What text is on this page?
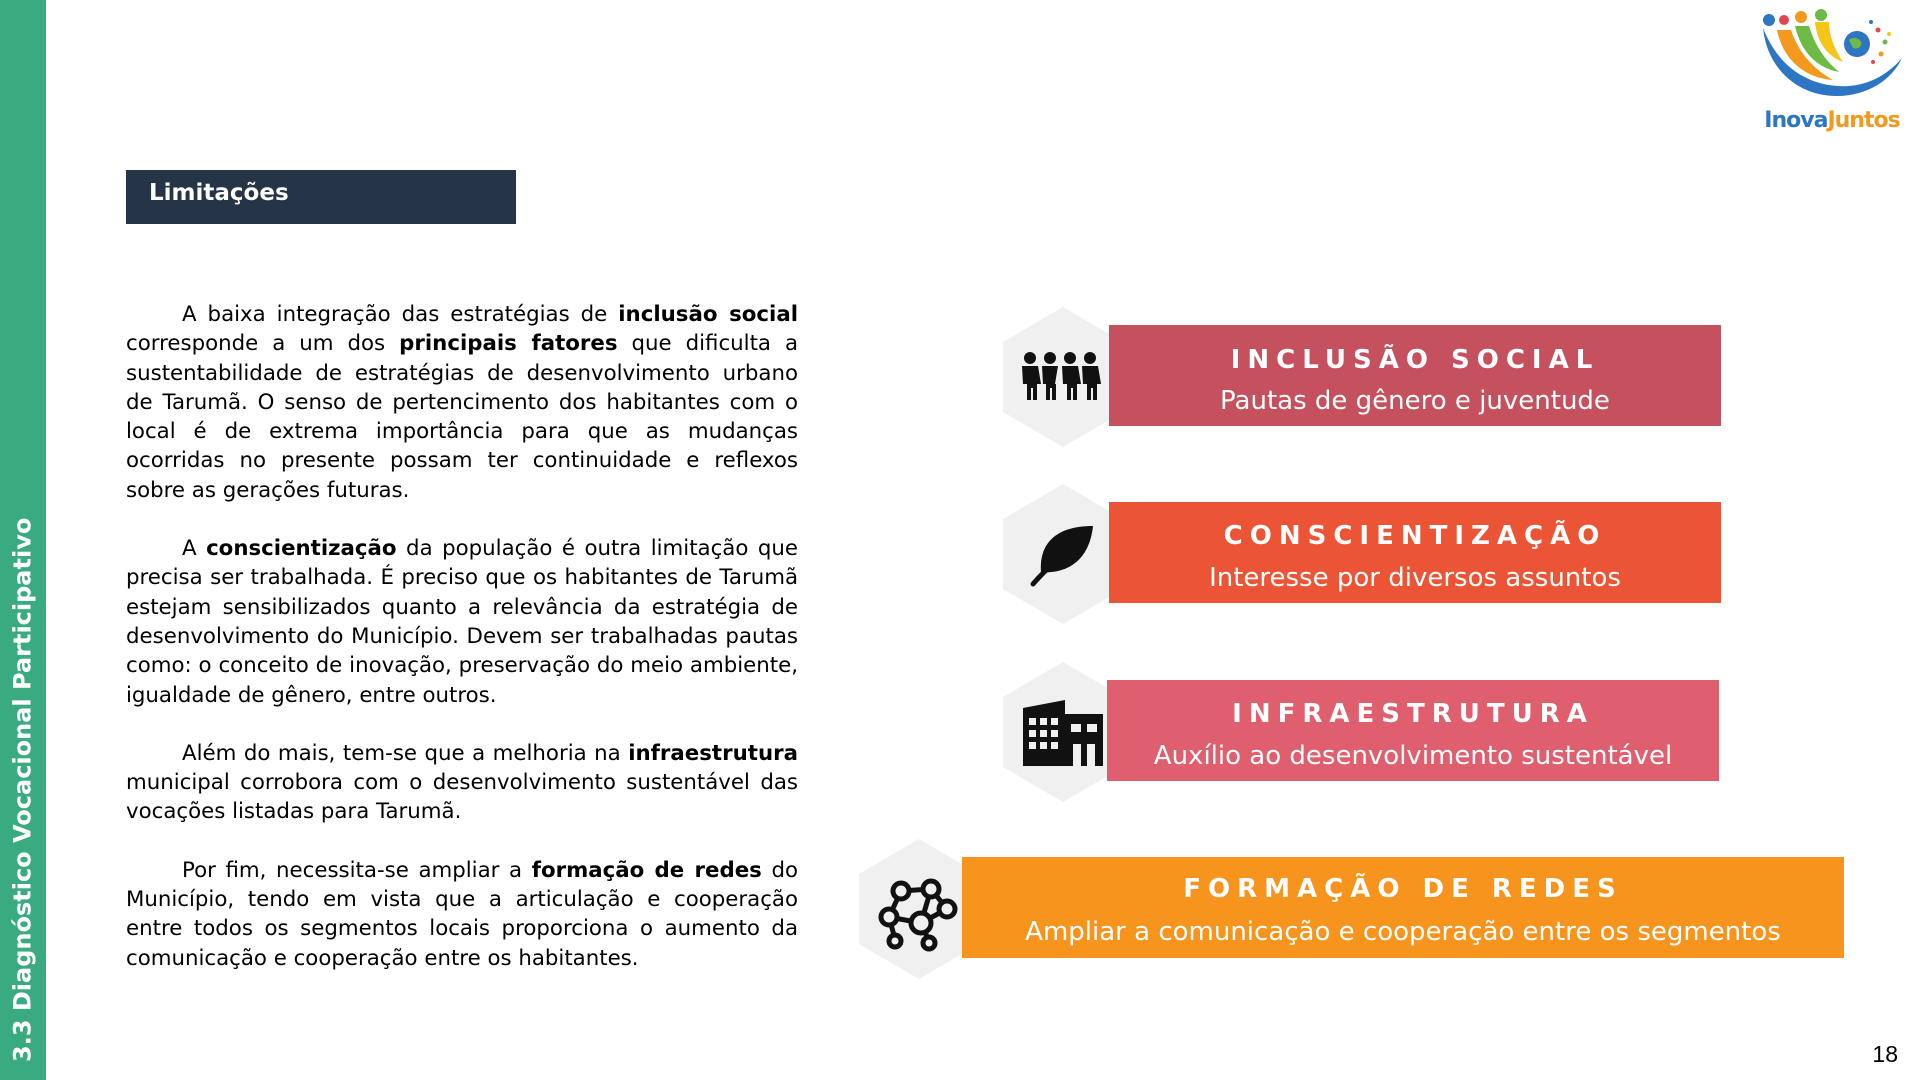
3.3 Diagnóstico Vocacional Participativo
InovaJuntos
Limitações

A baixa integração das estratégias de inclusão social corresponde a um dos principais fatores que dificulta a sustentabilidade de estratégias de desenvolvimento urbano de Tarumã. O senso de pertencimento dos habitantes com o local é de extrema importância para que as mudanças ocorridas no presente possam ter continuidade e reflexos sobre as gerações futuras.

A conscientização da população é outra limitação que precisa ser trabalhada. É preciso que os habitantes de Tarumã estejam sensibilizados quanto a relevância da estratégia de desenvolvimento do Município. Devem ser trabalhadas pautas como: o conceito de inovação, preservação do meio ambiente, igualdade de gênero, entre outros.

Além do mais, tem-se que a melhoria na infraestrutura municipal corrobora com o desenvolvimento sustentável das vocações listadas para Tarumã.

Por fim, necessita-se ampliar a formação de redes do Município, tendo em vista que a articulação e cooperação entre todos os segmentos locais proporciona o aumento da comunicação e cooperação entre os habitantes.

INCLUSÃO SOCIAL
Pautas de gênero e juventude
CONSCIENTIZAÇÃO
Interesse por diversos assuntos
INFRAESTRUTURA
Auxílio ao desenvolvimento sustentável
FORMAÇÃO DE REDES
Ampliar a comunicação e cooperação entre os segmentos
18
